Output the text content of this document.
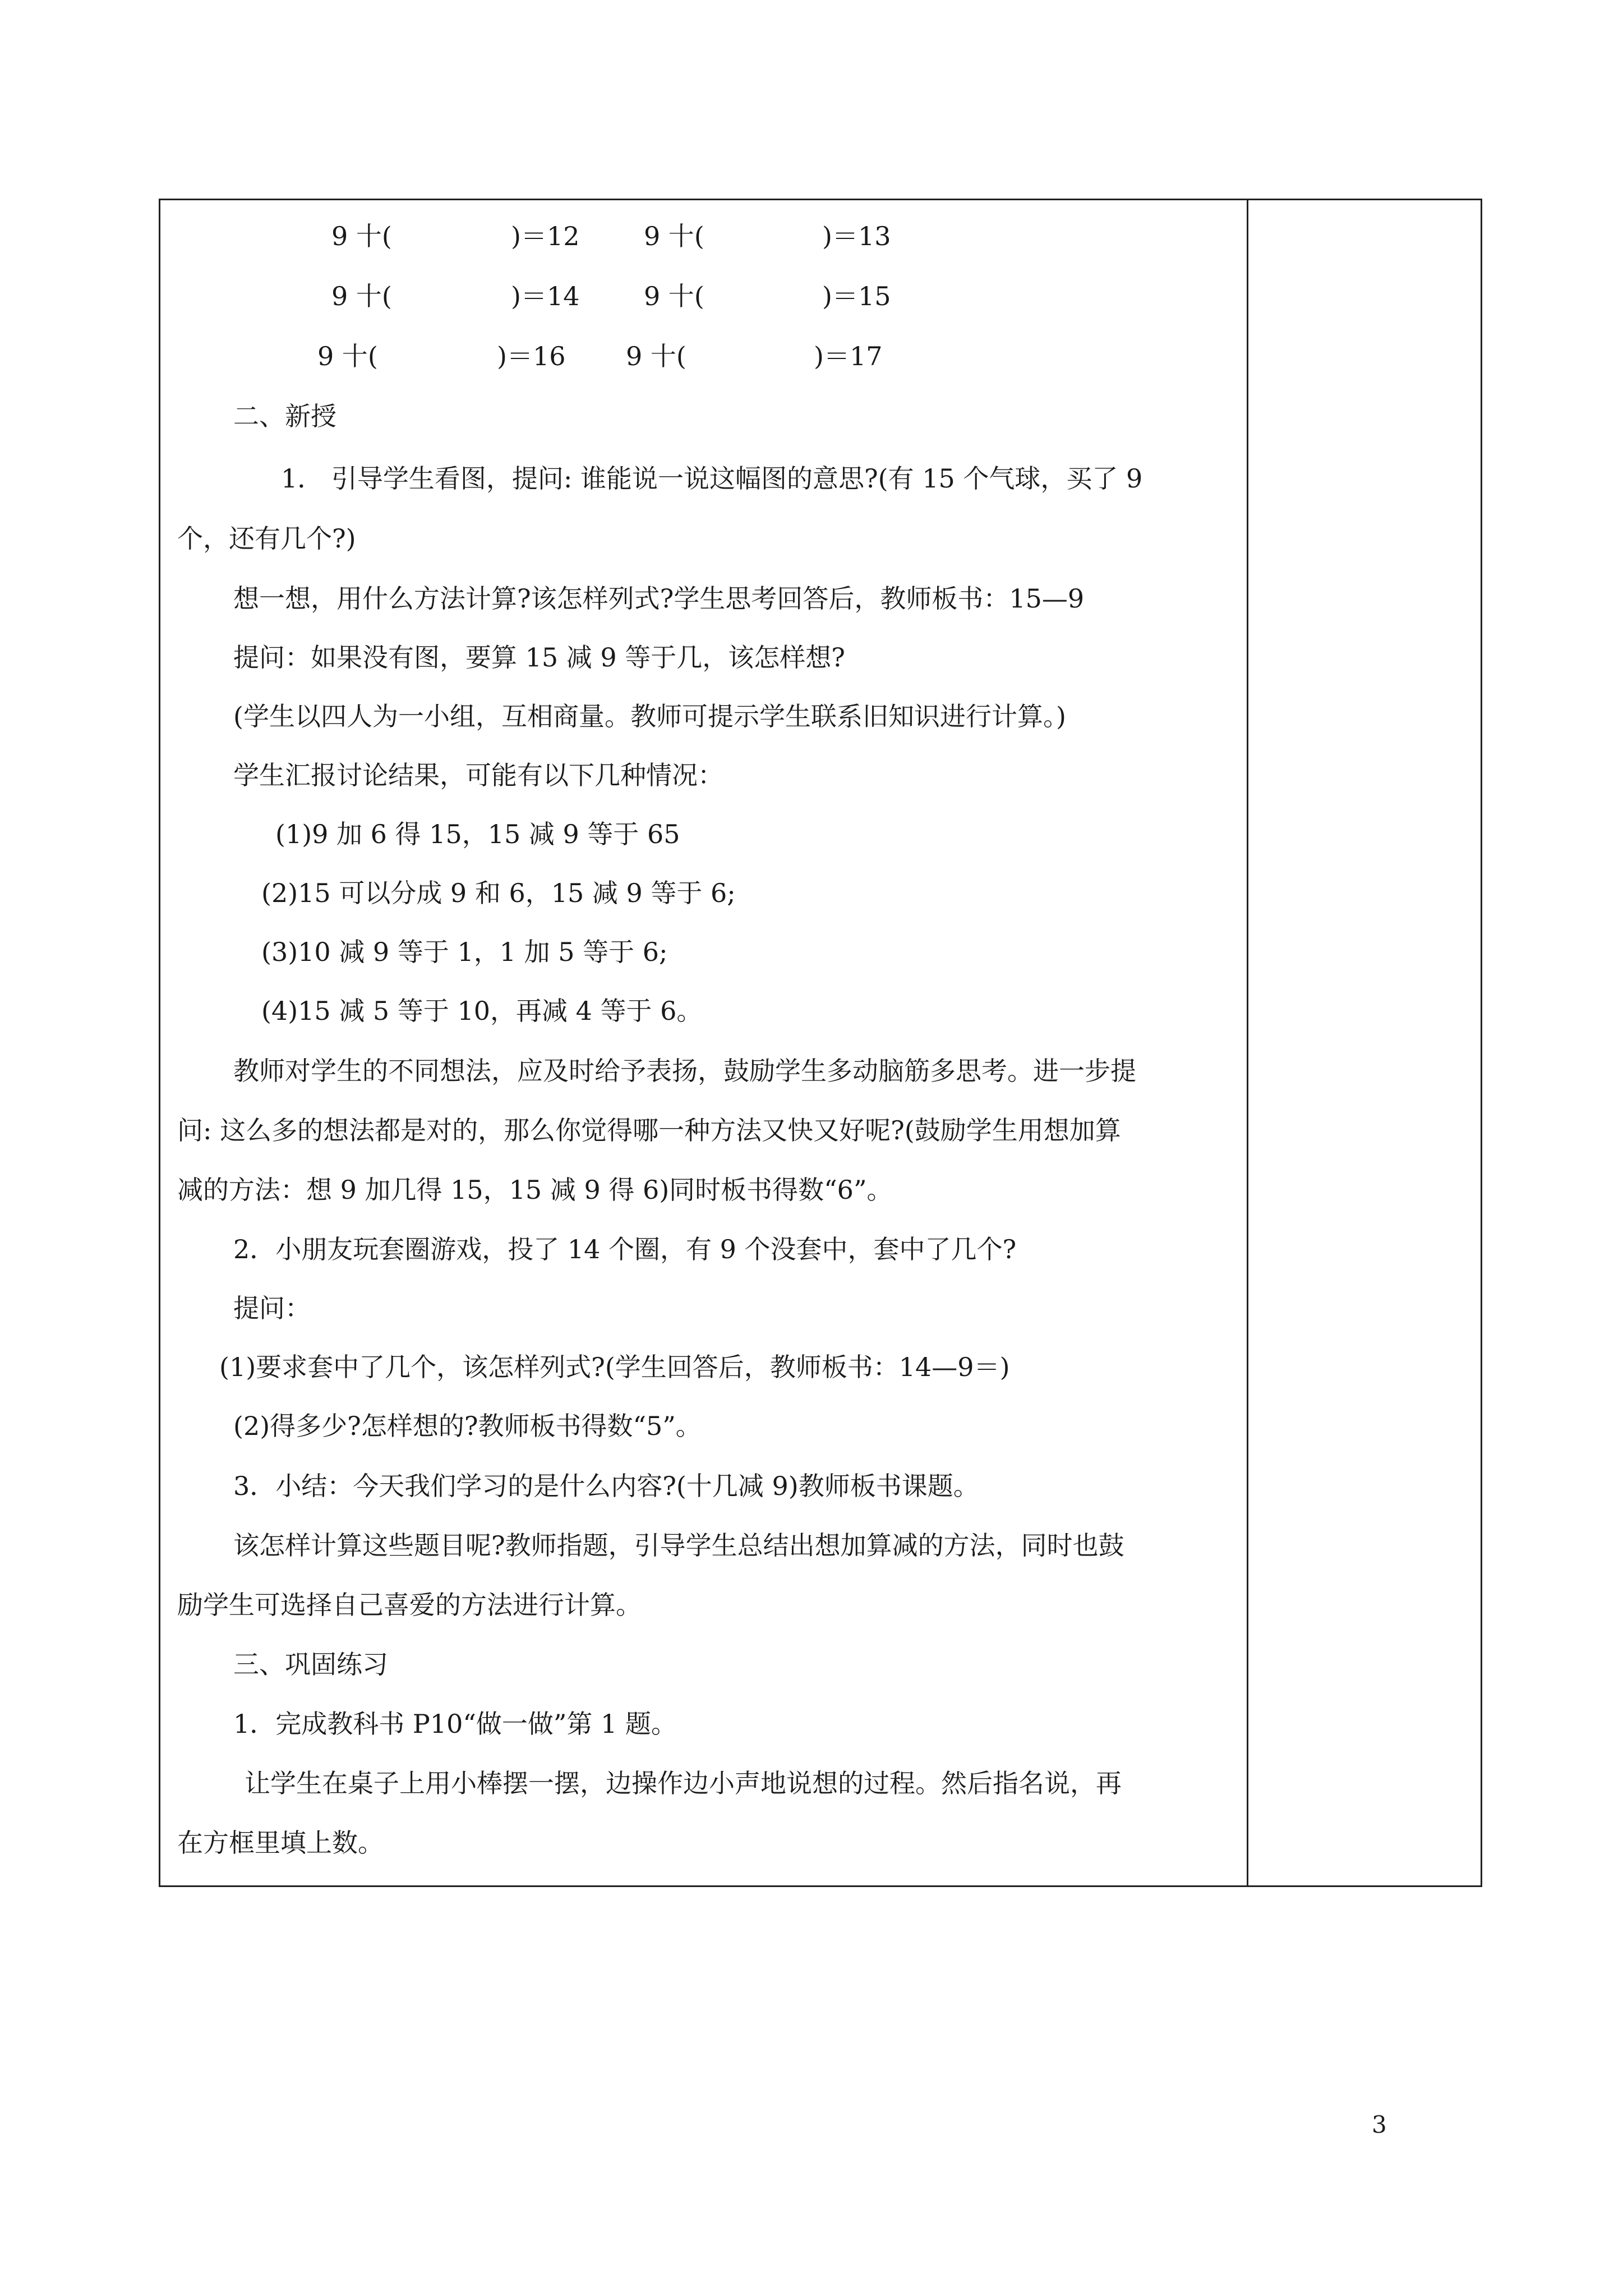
9 十(	)＝12 9 十(	)＝13
9 十(	)＝14 9 十(	)＝15
9 十(	)＝16 9 十(	)＝17
二、新授
1． 引导学生看图，提问: 谁能说一说这幅图的意思?(有 15 个气球，买了 9
个，还有几个?)
想一想，用什么方法计算?该怎样列式?学生思考回答后，教师板书：15—9
提问：如果没有图，要算 15 减 9 等于几，该怎样想?
(学生以四人为一小组，互相商量。教师可提示学生联系旧知识进行计算。)
学生汇报讨论结果，可能有以下几种情况：
(1)9 加 6 得 15，15 减 9 等于 65
(2)15 可以分成 9 和 6，15 减 9 等于 6;
(3)10 减 9 等于 1，1 加 5 等于 6;
(4)15 减 5 等于 10，再减 4 等于 6。
教师对学生的不同想法，应及时给予表扬，鼓励学生多动脑筋多思考。进一步提
问: 这么多的想法都是对的，那么你觉得哪一种方法又快又好呢?(鼓励学生用想加算
减的方法：想 9 加几得 15，15 减 9 得 6)同时板书得数“6”。
2．小朋友玩套圈游戏，投了 14 个圈，有 9 个没套中，套中了几个?
提问：
(1)要求套中了几个，该怎样列式?(学生回答后，教师板书：14—9＝)
(2)得多少?怎样想的?教师板书得数“5”。
3．小结：今天我们学习的是什么内容?(十几减 9)教师板书课题。
该怎样计算这些题目呢?教师指题，引导学生总结出想加算减的方法，同时也鼓
励学生可选择自己喜爱的方法进行计算。
三、巩固练习
1．完成教科书 P10“做一做”第 1 题。
让学生在桌子上用小棒摆一摆，边操作边小声地说想的过程。然后指名说，再
在方框里填上数。
3
